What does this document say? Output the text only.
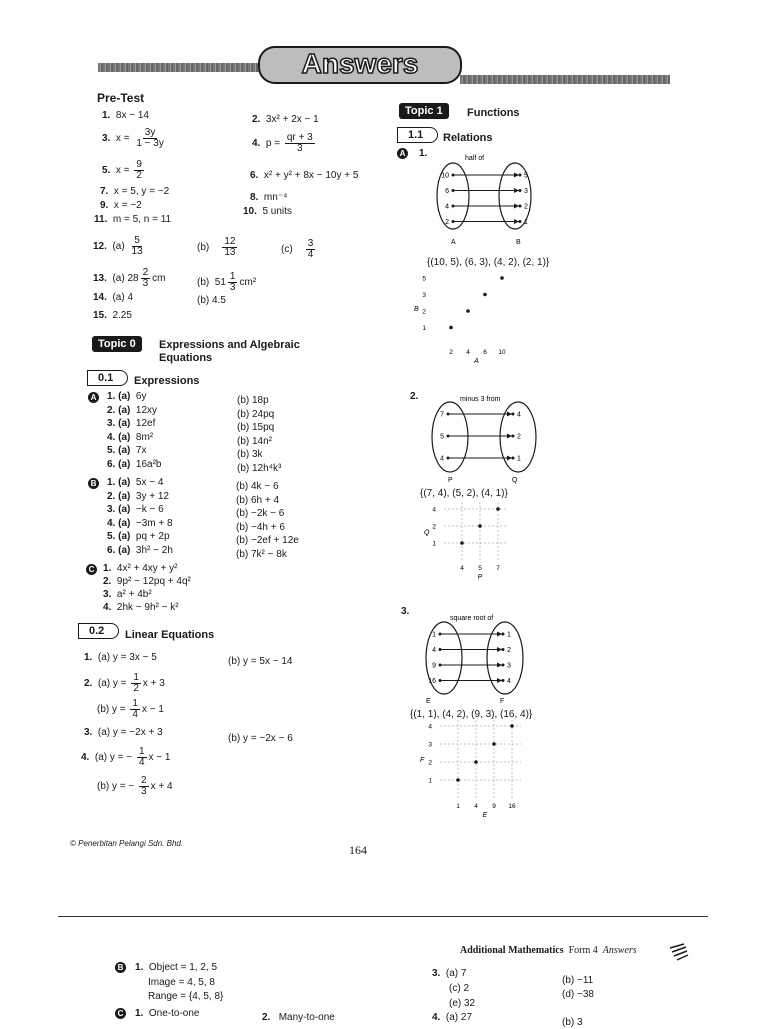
Answers
Pre-Test
1. 8x − 14	2. 3x² + 2x − 1
3. $x = \frac{3y}{1 - 3y}$	4. $p = \frac{qr + 3}{3}$
5. $x = \frac{9}{2}$	6. x² + y² + 8x − 10y + 5
7. x = 5, y = −2
8. mn⁻⁴
9. x = −2
10. 5 units
11. m = 5, n = 11
12. $(a) \frac{5}{13}$	$(b) \frac{12}{13}$	$(c) \frac{3}{4}$
13. (a) $28 \frac{2}{3}$ cm	(b) $51 \frac{1}{3} cm^2$
14. (a) 4	(b) 4.5
15. 2.25
Topic 0	Expressions and Algebraic
Equations
0.1	Expressions
A
B
C
1. (a) 6y	(b) 18p
2. (a) 12xy	(b) 24pq
3. (a) 12ef	(b) 15pq
4. (a) 8m²	(b) 14n²
5. (a) 7x	(b) 3k
6. (a) 16a²b	(b) 12h⁴k³
1. (a) 5x − 4	(b) 4k − 6
2. (a) 3y + 12	(b) 6h + 4
3. (a) −k − 6	(b) −2k − 6
4. (a) −3m + 8	(b) −4h + 6
5. (a) pq + 2p	(b) −2ef + 12e
6. (a) 3h² − 2h	(b) 7k² − 8k
1. 4x² + 4xy + y²
2. 9p² − 12pq + 4q²
3. a² + 4b²
4. 2hk − 9h² − k²
0.2	Linear Equations
1. (a) y = 3x − 5	(b) y = 5x − 14
2. (a) $y = \frac{1}{2}$ x + 3
(b) $y = \frac{1}{4}$ x − 1
3. (a) y = −2x + 3
(b) y = −2x − 6
4. (a) y = − $\frac{1}{4}$ x − 1
(b) y = − $\frac{2}{3}$ x + 4
Topic 1	Functions
1.1	Relations
A 1.	half of
10
6
4
2
5
3
2
1
A	B
{(10, 5), (6, 3), (4, 2), (2, 1)}
1
2
3
5
2 4 6 10
B
A
2.	minus 3 from
7
5
4
4
2
1
P	Q
{(7, 4), (5, 2), (4, 1)}
1
2
4
4 5 7
Q
P
3.
square root of
1
4
9
16
1
2
3
4
E	F
{(1, 1), (4, 2), (9, 3), (16, 4)}
1
2
3
4
1 4 9 16
F
E
© Penerbitan Pelangi Sdn. Bhd.	164
Additional Mathematics Form 4 Answers
B 1. Object = 1, 2, 5
Image = 4, 5, 8
Range = {4, 5, 8}
C 1. One-to-one	2. Many-to-one
3. (a) 7
(b) −11
(c) 2
(d) −38
(e) 32
4. (a) 27	(b) 3
